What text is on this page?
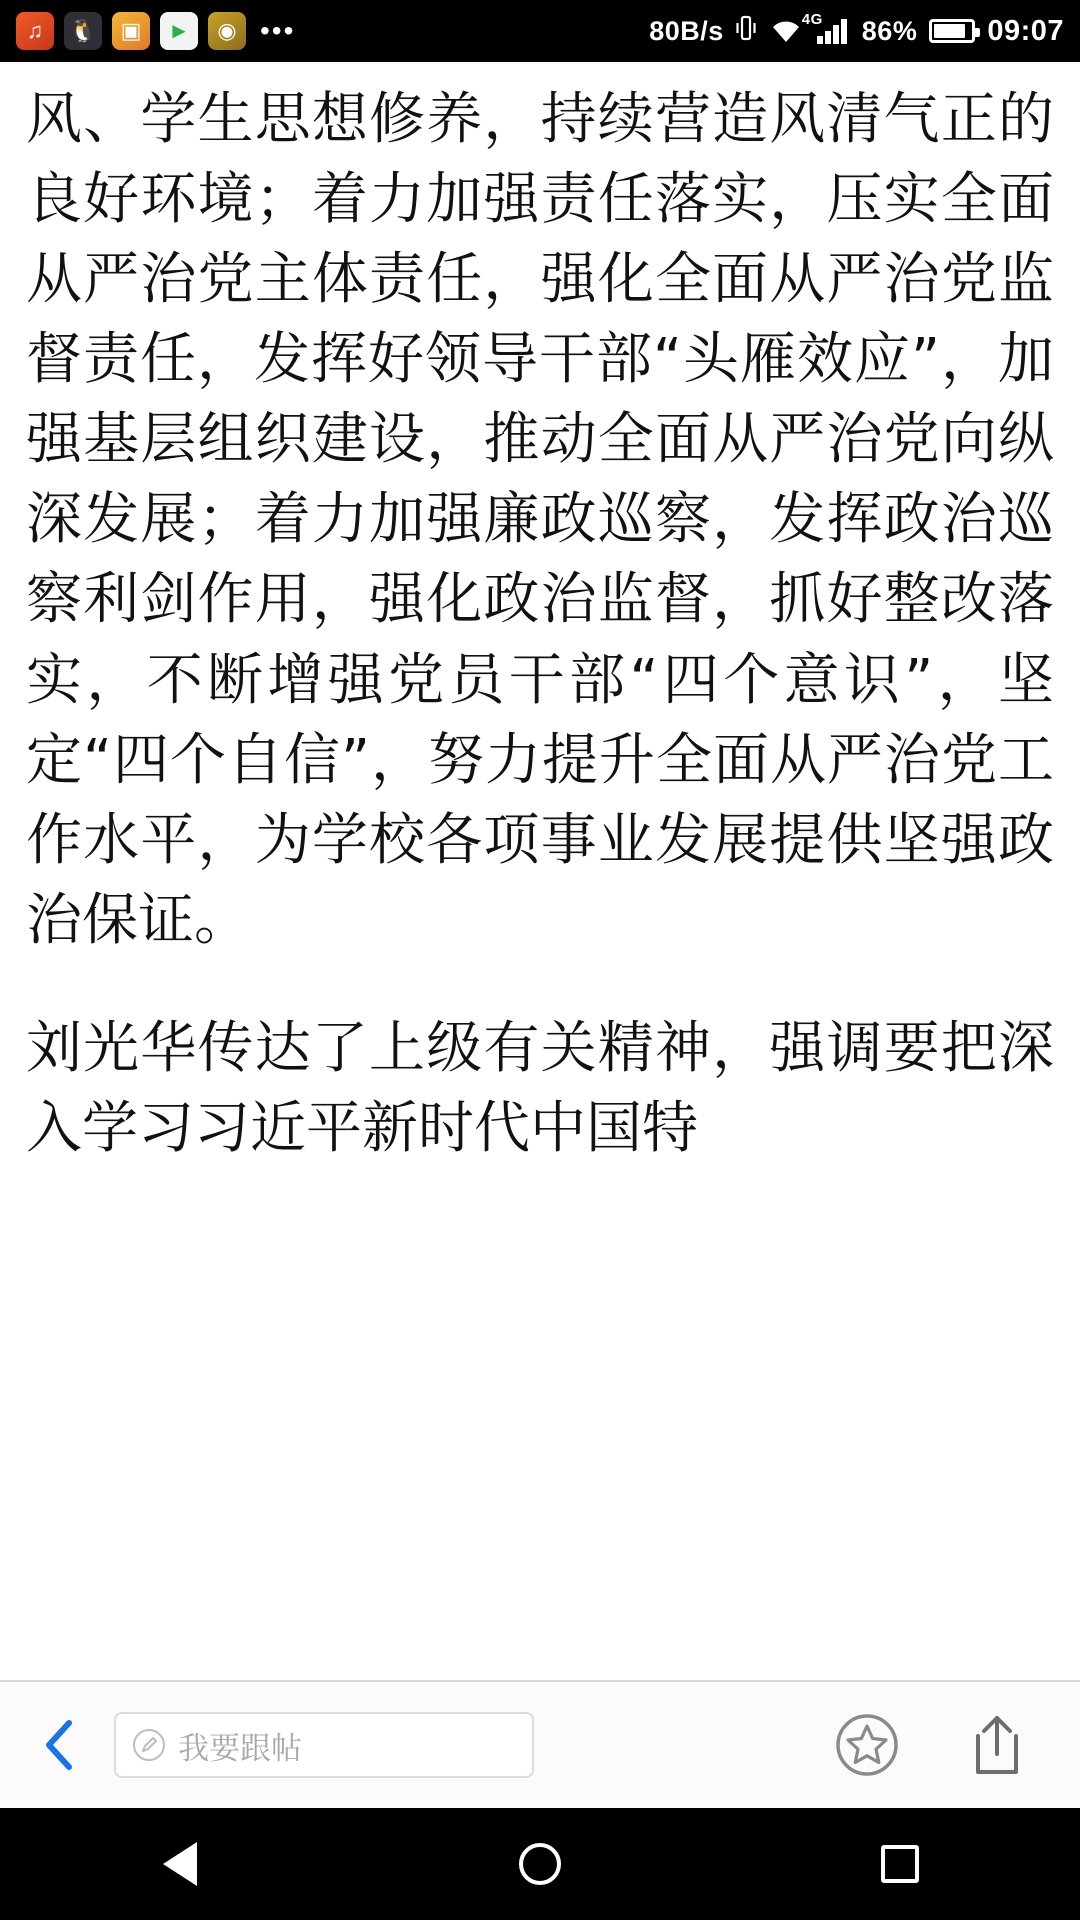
♫	🐧	▣	►	◉ •••	80B/s	4G 86% 09:07

风、学生思想修养，持续营造风清气正的良好环境；着力加强责任落实，压实全面从严治党主体责任，强化全面从严治党监督责任，发挥好领导干部“头雁效应”，加强基层组织建设，推动全面从严治党向纵深发展；着力加强廉政巡察，发挥政治巡察利剑作用，强化政治监督，抓好整改落实，不断增强党员干部“四个意识”，坚定“四个自信”，努力提升全面从严治党工作水平，为学校各项事业发展提供坚强政治保证。

刘光华传达了上级有关精神，强调要把深入学习习近平新时代中国特

我要跟帖
